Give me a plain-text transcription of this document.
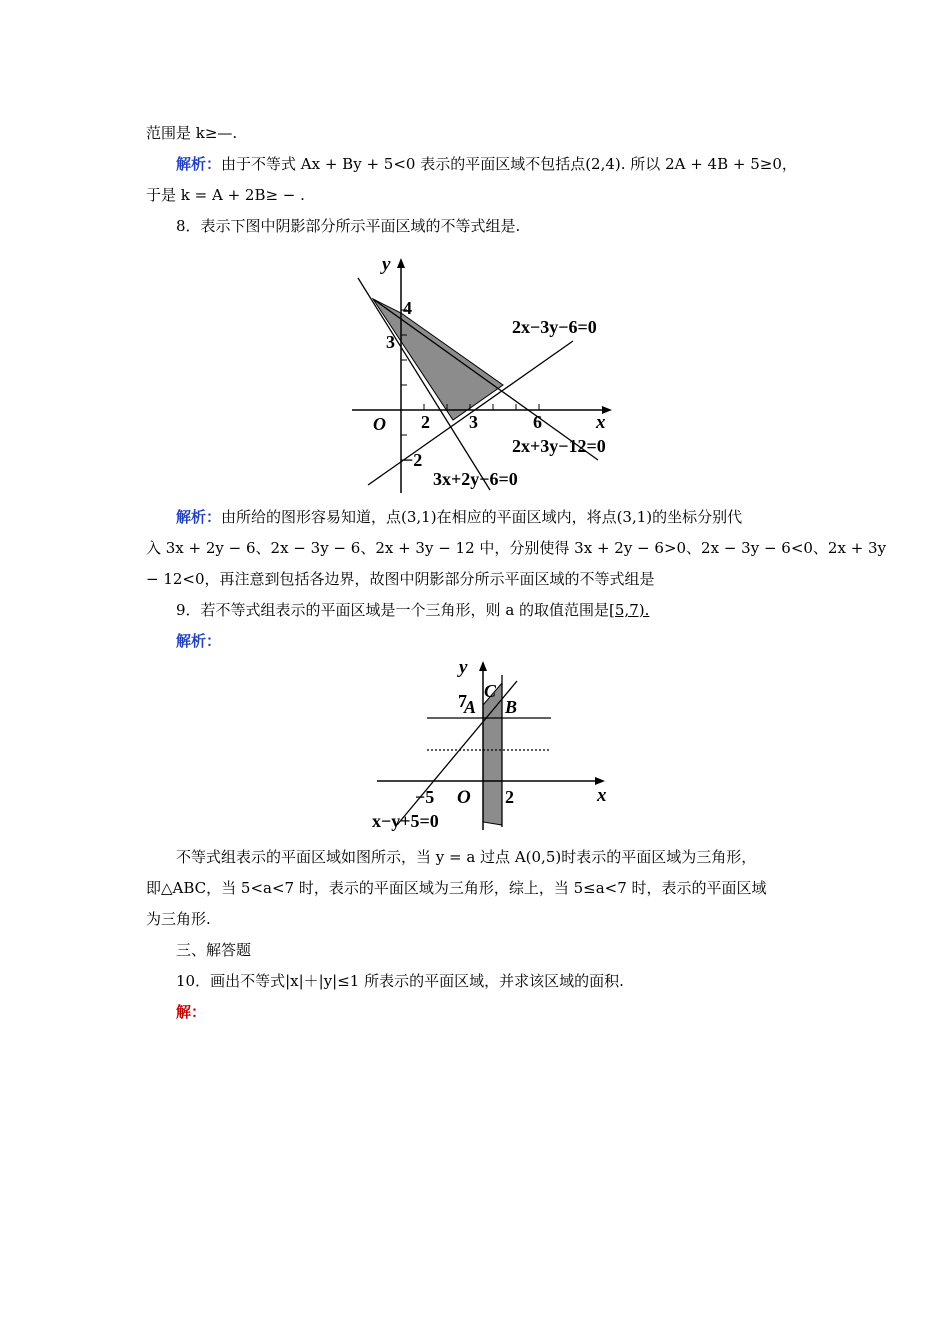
范围是 k≥—.
解析：由于不等式 Ax + By + 5<0 表示的平面区域不包括点(2,4). 所以 2A + 4B + 5≥0，
于是 k = A + 2B≥ − .
8．表示下图中阴影部分所示平面区域的不等式组是.
y
x
O 2 3	6
4
3
−2
2x−3y−6=0
2x+3y−12=0
3x+2y−6=0
解析：由所给的图形容易知道，点(3,1)在相应的平面区域内，将点(3,1)的坐标分别代
入 3x + 2y − 6、2x − 3y − 6、2x + 3y − 12 中，分别使得 3x + 2y − 6>0、2x − 3y − 6<0、2x + 3y
− 12<0，再注意到包括各边界，故图中阴影部分所示平面区域的不等式组是
9．若不等式组表示的平面区域是一个三角形，则 a 的取值范围是[5,7).
解析：
y
x
O
−5	2
7
A B
C
x−y+5=0
不等式组表示的平面区域如图所示，当 y = a 过点 A(0,5)时表示的平面区域为三角形，
即△ABC，当 5<a<7 时，表示的平面区域为三角形，综上，当 5≤a<7 时，表示的平面区域
为三角形.
三、解答题
10．画出不等式|x|＋|y|≤1 所表示的平面区域，并求该区域的面积.
解：
